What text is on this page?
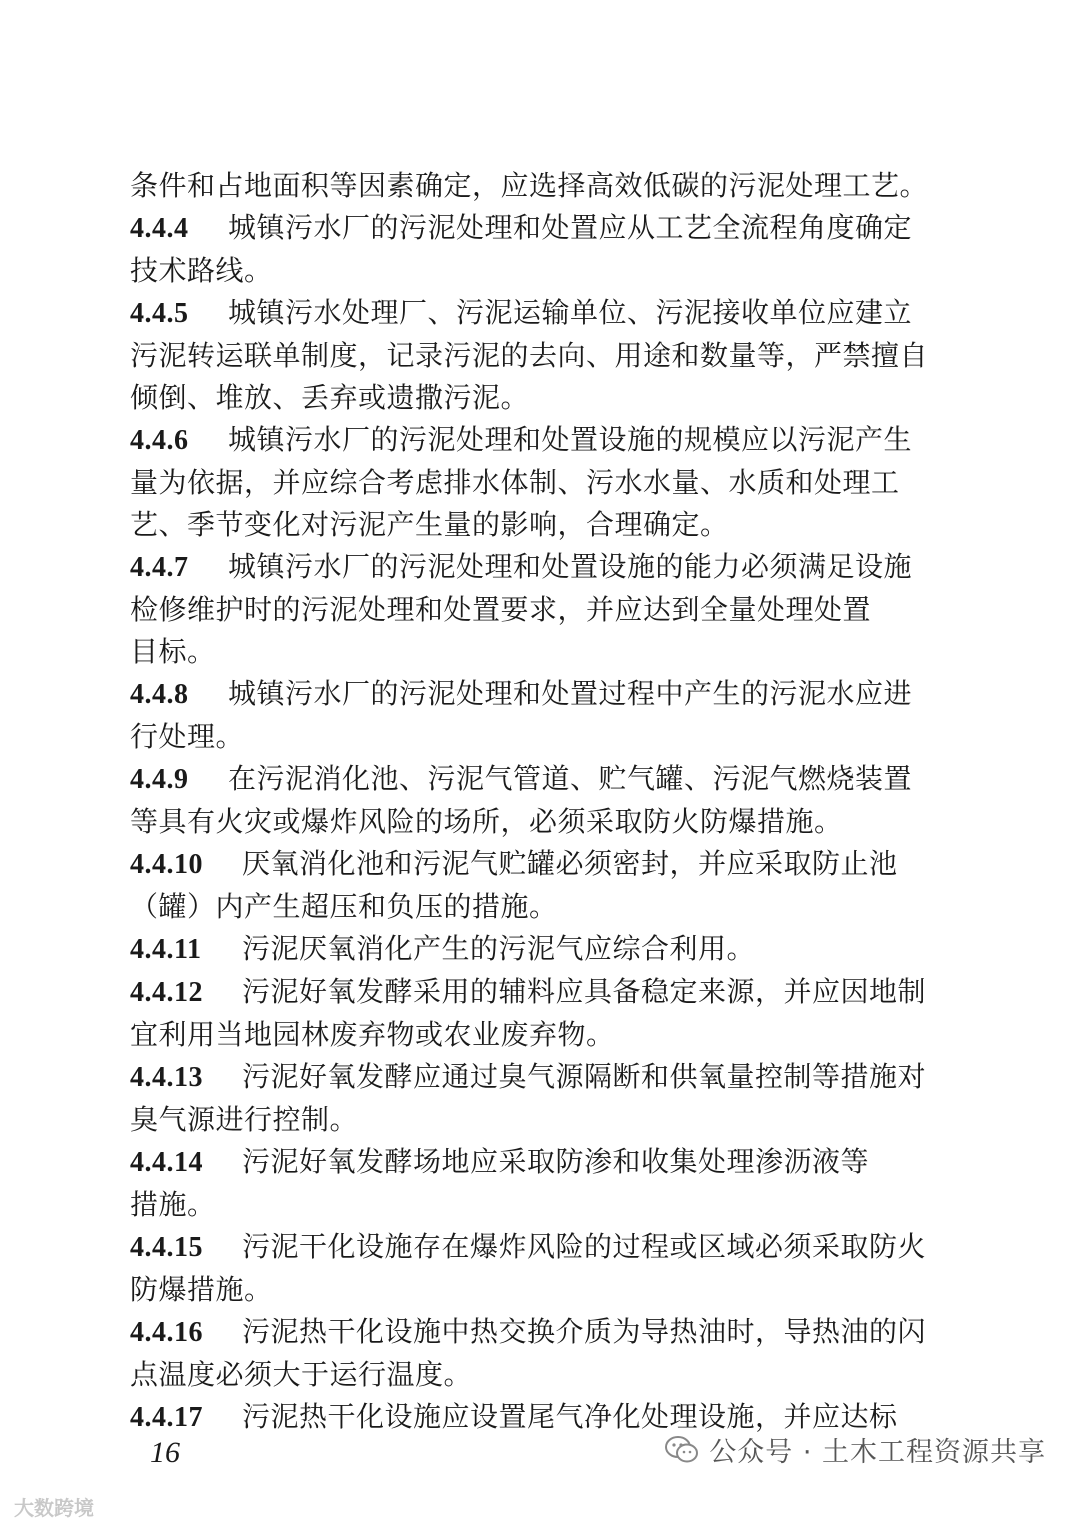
条件和占地面积等因素确定，应选择高效低碳的污泥处理工艺。
4.4.4 城镇污水厂的污泥处理和处置应从工艺全流程角度确定
技术路线。
4.4.5 城镇污水处理厂、污泥运输单位、污泥接收单位应建立
污泥转运联单制度，记录污泥的去向、用途和数量等，严禁擅自
倾倒、堆放、丢弃或遗撒污泥。
4.4.6 城镇污水厂的污泥处理和处置设施的规模应以污泥产生
量为依据，并应综合考虑排水体制、污水水量、水质和处理工
艺、季节变化对污泥产生量的影响，合理确定。
4.4.7 城镇污水厂的污泥处理和处置设施的能力必须满足设施
检修维护时的污泥处理和处置要求，并应达到全量处理处置
目标。
4.4.8 城镇污水厂的污泥处理和处置过程中产生的污泥水应进
行处理。
4.4.9 在污泥消化池、污泥气管道、贮气罐、污泥气燃烧装置
等具有火灾或爆炸风险的场所，必须采取防火防爆措施。
4.4.10 厌氧消化池和污泥气贮罐必须密封，并应采取防止池
（罐）内产生超压和负压的措施。
4.4.11 污泥厌氧消化产生的污泥气应综合利用。
4.4.12 污泥好氧发酵采用的辅料应具备稳定来源，并应因地制
宜利用当地园林废弃物或农业废弃物。
4.4.13 污泥好氧发酵应通过臭气源隔断和供氧量控制等措施对
臭气源进行控制。
4.4.14 污泥好氧发酵场地应采取防渗和收集处理渗沥液等
措施。
4.4.15 污泥干化设施存在爆炸风险的过程或区域必须采取防火
防爆措施。
4.4.16 污泥热干化设施中热交换介质为导热油时，导热油的闪
点温度必须大于运行温度。
4.4.17 污泥热干化设施应设置尾气净化处理设施，并应达标
16	公众号 · 土木工程资源共享
大数跨境
